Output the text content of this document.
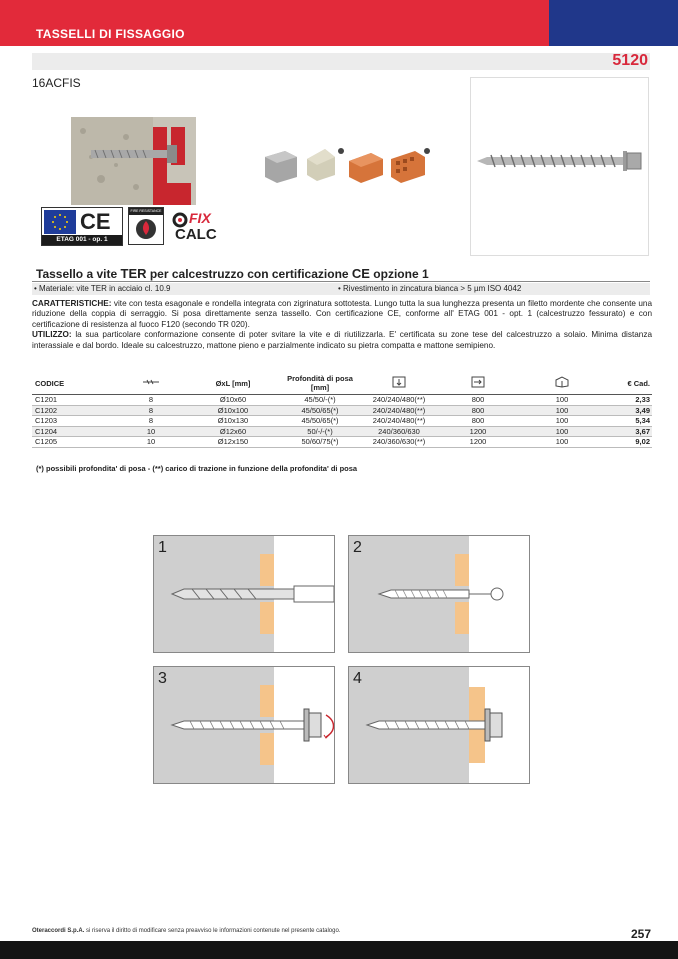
TASSELLI DI FISSAGGIO
5120
16ACFIS
CE
ETAG 001 - op. 1
FIRE RESISTANCE FIX
CALC
Tassello a vite TER per calcestruzzo con certificazione CE opzione 1
• Materiale: vite TER in acciaio cl. 10.9	• Rivestimento in zincatura bianca > 5 µm ISO 4042
CARATTERISTICHE: vite con testa esagonale e rondella integrata con zigrinatura sottotesta. Lungo tutta la sua lunghezza presenta un filetto mordente che consente una riduzione della coppia di serraggio. Si posa direttamente senza tassello. Con certificazione CE, conforme all' ETAG 001 - opt. 1 (calcestruzzo fessurato) e con certificazione di resistenza al fuoco F120 (secondo TR 020).
UTILIZZO: la sua particolare conformazione consente di poter svitare la vite e di riutilizzarla. E' certificata su zone tese del calcestruzzo a solaio. Minima distanza interassiale e dal bordo. Ideale su calcestruzzo, mattone pieno e parzialmente indicato su pietra compatta e mattone semipieno.
CODICE		ØxL [mm]	Profondità di posa [mm]				€ Cad.
C1201	8	Ø10x60	45/50/-(*)	240/240/480(**)	800	100	2,33
C1202	8	Ø10x100	45/50/65(*)	240/240/480(**)	800	100	3,49
C1203	8	Ø10x130	45/50/65(*)	240/240/480(**)	800	100	5,34
C1204	10	Ø12x60	50/-/-(*)	240/360/630	1200	100	3,67
C1205	10	Ø12x150	50/60/75(*)	240/360/630(**)	1200	100	9,02
(*) possibili profondita' di posa - (**) carico di trazione in funzione della profondita' di posa
1	2
3	4
Oteraccordi S.p.A. si riserva il diritto di modificare senza preavviso le informazioni contenute nel presente catalogo.	257
